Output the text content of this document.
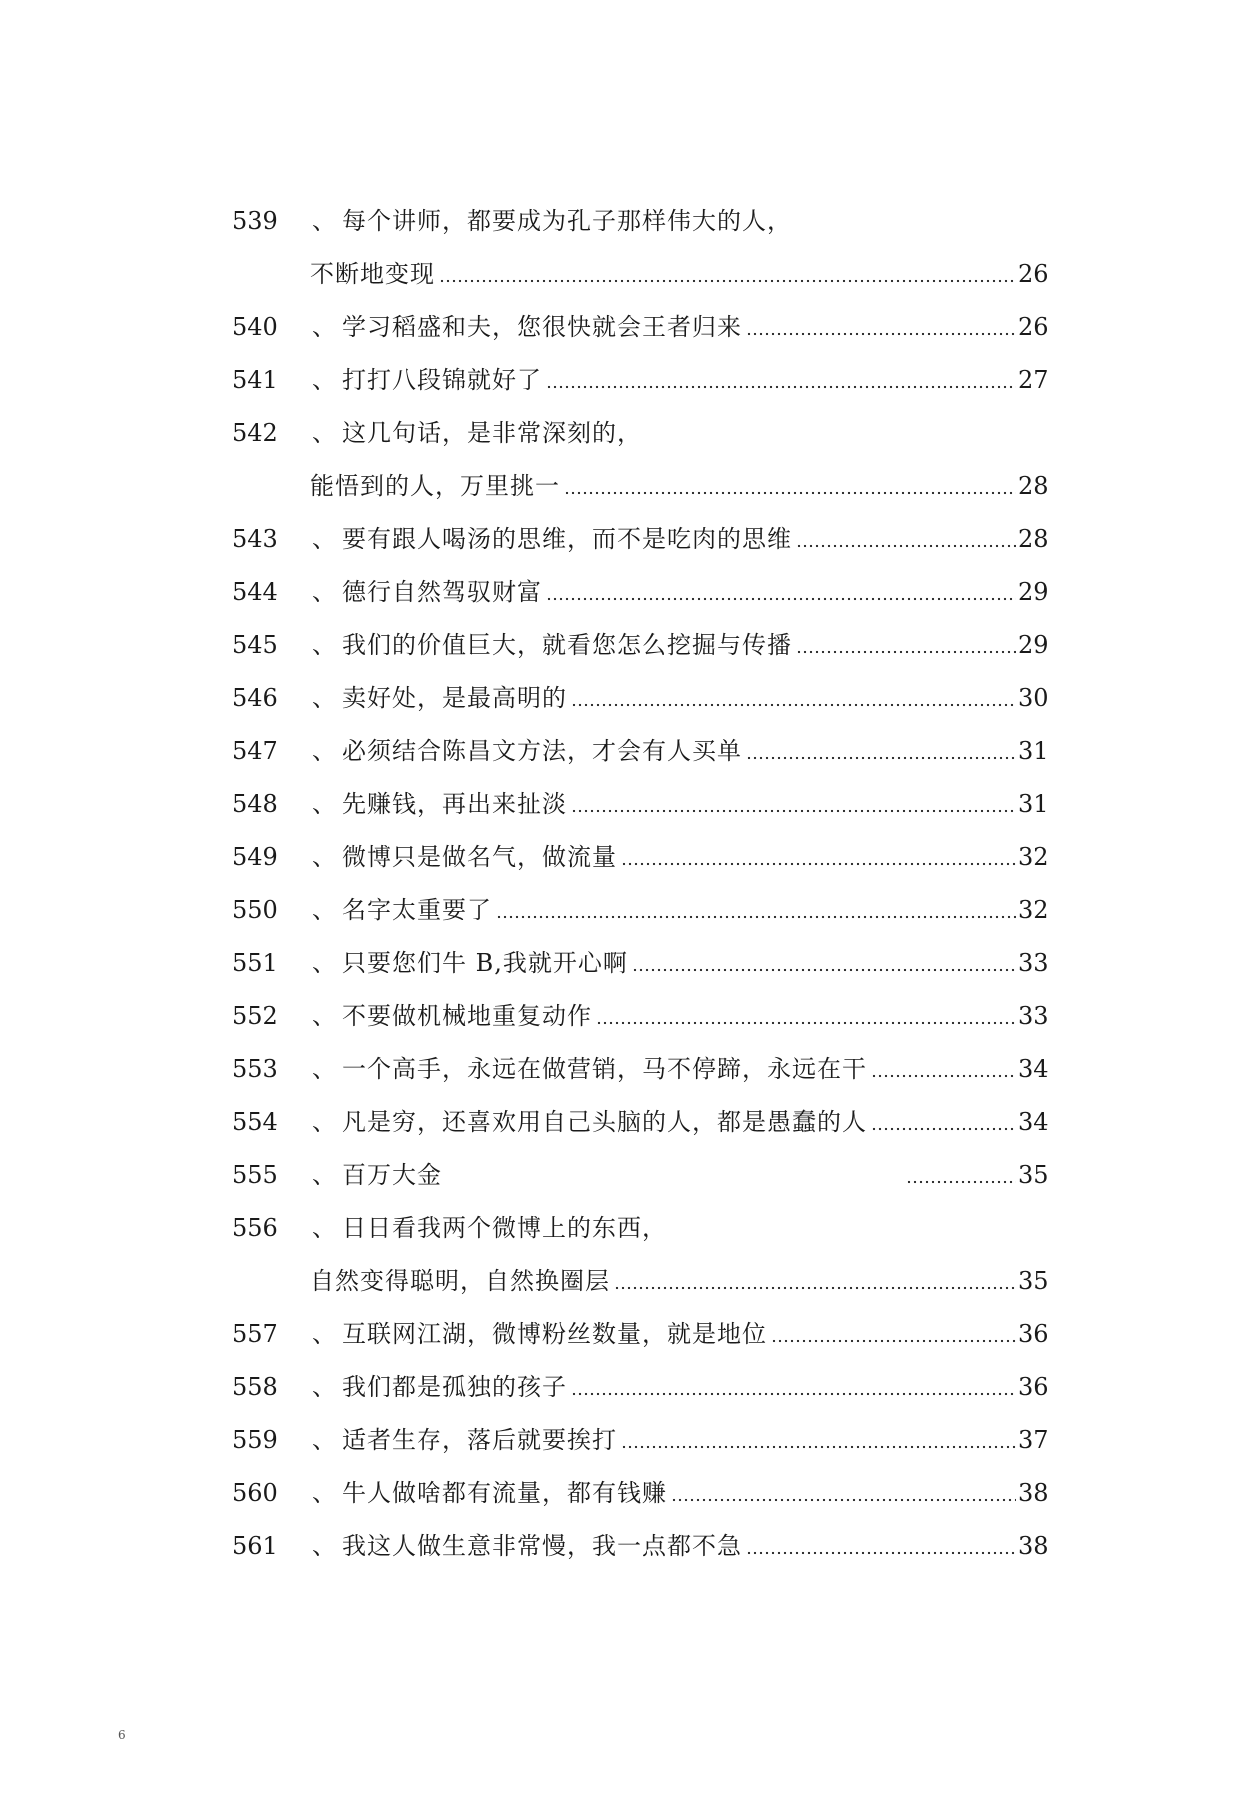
539	、 每个讲师，都要成为孔子那样伟大的人，
不断地变现	26
540	、 学习稻盛和夫，您很快就会王者归来	26
541	、 打打八段锦就好了	27
542	、 这几句话，是非常深刻的，
能悟到的人，万里挑一	28
543	、 要有跟人喝汤的思维，而不是吃肉的思维	28
544	、 德行自然驾驭财富	29
545	、 我们的价值巨大，就看您怎么挖掘与传播	29
546	、 卖好处，是最高明的	30
547	、 必须结合陈昌文方法，才会有人买单	31
548	、 先赚钱，再出来扯淡	31
549	、 微博只是做名气，做流量	32
550	、 名字太重要了	32
551	、 只要您们牛 B,我就开心啊	33
552	、 不要做机械地重复动作	33
553	、 一个高手，永远在做营销，马不停蹄，永远在干	34
554	、 凡是穷，还喜欢用自己头脑的人，都是愚蠢的人	34
555	、 百万大金	35
556	、 日日看我两个微博上的东西，
自然变得聪明，自然换圈层	35
557	、 互联网江湖，微博粉丝数量，就是地位	36
558	、 我们都是孤独的孩子	36
559	、 适者生存，落后就要挨打	37
560	、 牛人做啥都有流量，都有钱赚	38
561	、 我这人做生意非常慢，我一点都不急	38
6
